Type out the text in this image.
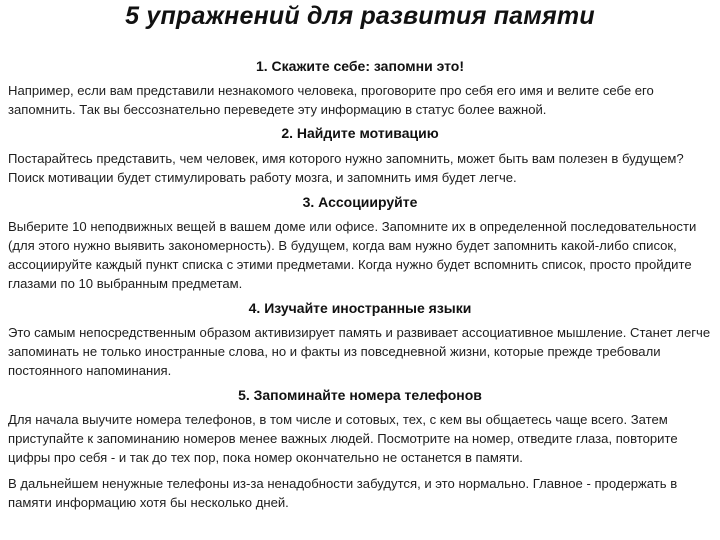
5 упражнений для развития памяти
1. Скажите себе: запомни это!
Например, если вам представили незнакомого человека, проговорите про себя его имя и велите себе его запомнить. Так вы бессознательно переведете эту информацию в статус более важной.
2. Найдите мотивацию
Постарайтесь представить, чем человек, имя которого нужно запомнить, может быть вам полезен в будущем? Поиск мотивации будет стимулировать работу мозга, и запомнить имя будет легче.
3. Ассоциируйте
Выберите 10 неподвижных вещей в вашем доме или офисе. Запомните их в определенной последовательности (для этого нужно выявить закономерность). В будущем, когда вам нужно будет запомнить какой-либо список, ассоциируйте каждый пункт списка с этими предметами. Когда нужно будет вспомнить список, просто пройдите глазами по 10 выбранным предметам.
4. Изучайте иностранные языки
Это самым непосредственным образом активизирует память и развивает ассоциативное мышление. Станет легче запоминать не только иностранные слова, но и факты из повседневной жизни, которые прежде требовали постоянного напоминания.
5. Запоминайте номера телефонов
Для начала выучите номера телефонов, в том числе и сотовых, тех, с кем вы общаетесь чаще всего. Затем приступайте к запоминанию номеров менее важных людей. Посмотрите на номер, отведите глаза, повторите цифры про себя - и так до тех пор, пока номер окончательно не останется в памяти.
В дальнейшем ненужные телефоны из-за ненадобности забудутся, и это нормально. Главное - продержать в памяти информацию хотя бы несколько дней.
